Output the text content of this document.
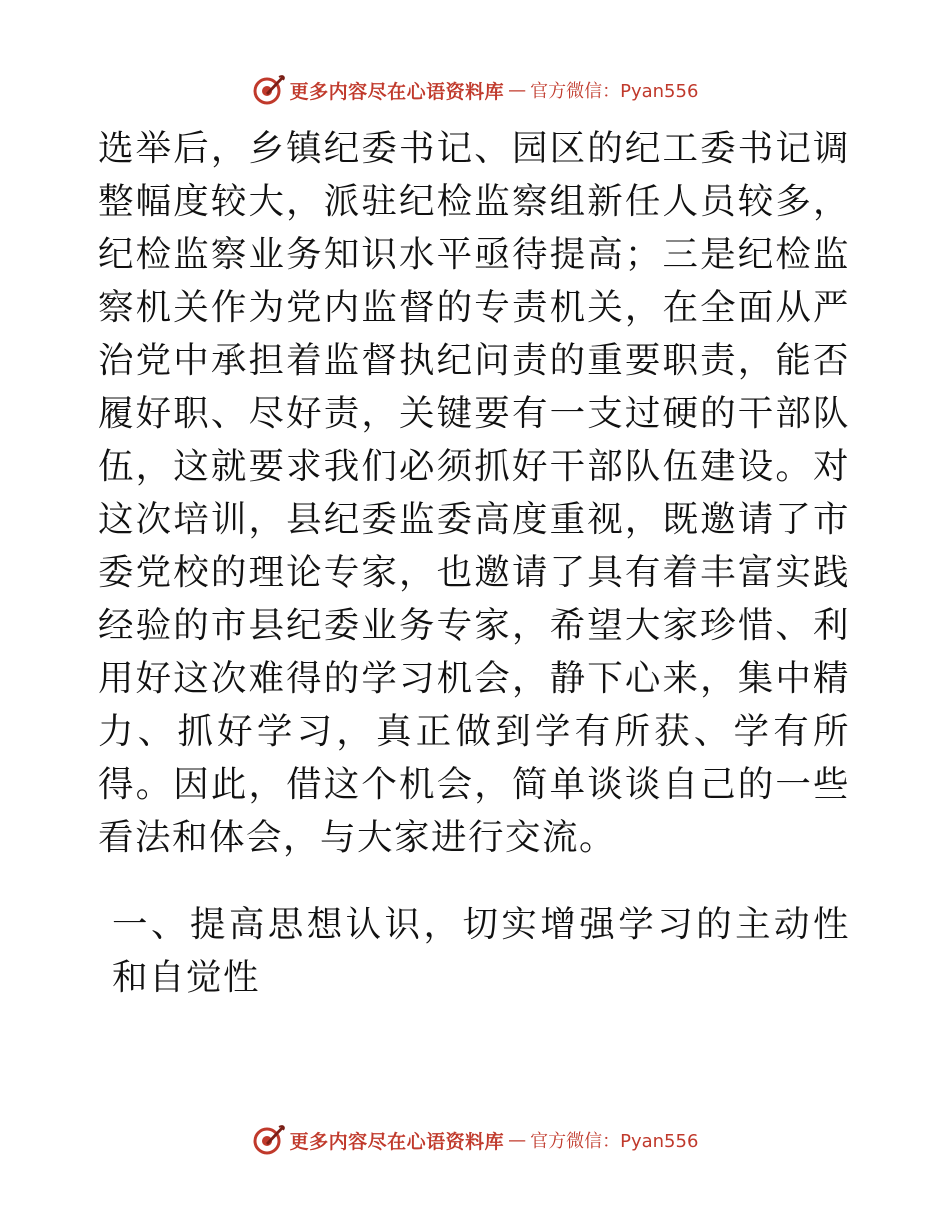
更多内容尽在心语资料库 — 官方微信：Pyan556

选举后，乡镇纪委书记、园区的纪工委书记调整幅度较大，派驻纪检监察组新任人员较多，纪检监察业务知识水平亟待提高；三是纪检监察机关作为党内监督的专责机关，在全面从严治党中承担着监督执纪问责的重要职责，能否履好职、尽好责，关键要有一支过硬的干部队伍，这就要求我们必须抓好干部队伍建设。对这次培训，县纪委监委高度重视，既邀请了市委党校的理论专家，也邀请了具有着丰富实践经验的市县纪委业务专家，希望大家珍惜、利用好这次难得的学习机会，静下心来，集中精力、抓好学习，真正做到学有所获、学有所得。因此，借这个机会，简单谈谈自己的一些看法和体会，与大家进行交流。

一、提高思想认识，切实增强学习的主动性和自觉性

更多内容尽在心语资料库 — 官方微信：Pyan556
